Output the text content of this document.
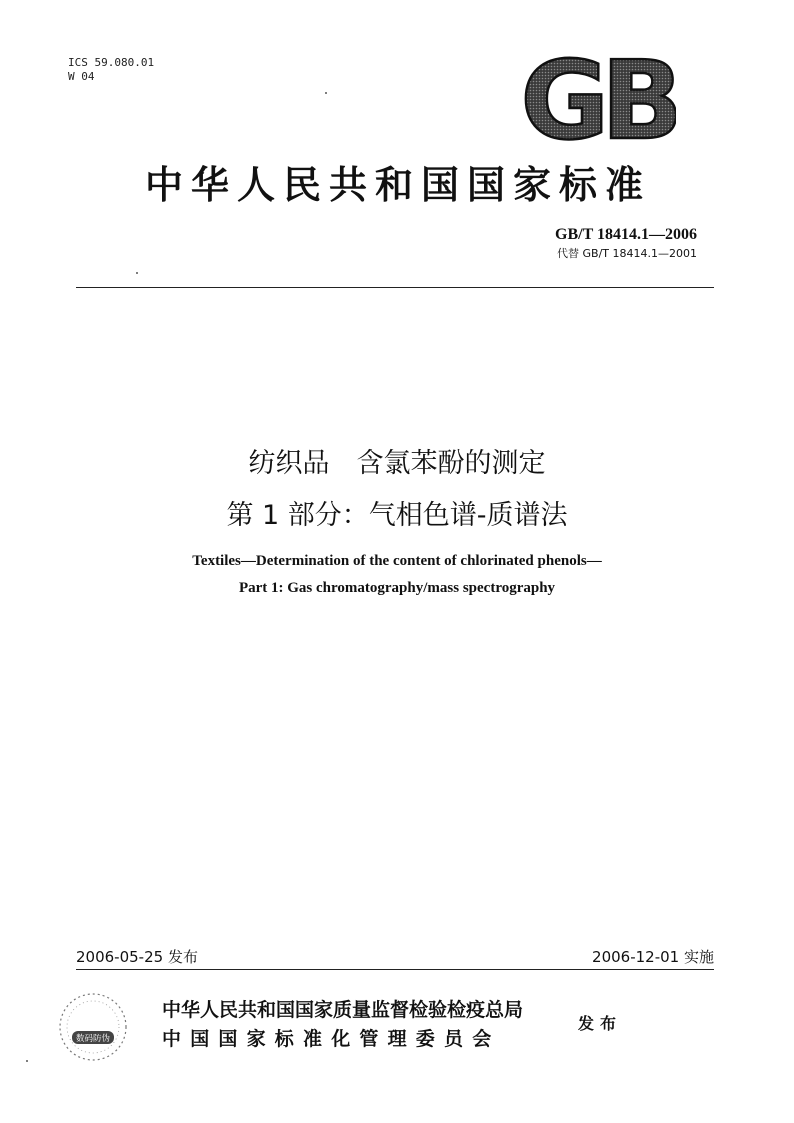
ICS 59.080.01
W 04	GB
中华人民共和国国家标准
GB/T 18414.1—2006
代替 GB/T 18414.1—2001
纺织品　含氯苯酚的测定
第 1 部分：气相色谱-质谱法
Textiles—Determination of the content of chlorinated phenols—
Part 1: Gas chromatography/mass spectrography
2006-05-25 发布	2006-12-01 实施
数码防伪
中华人民共和国国家质量监督检验检疫总局
中国国家标准化管理委员会
发布
